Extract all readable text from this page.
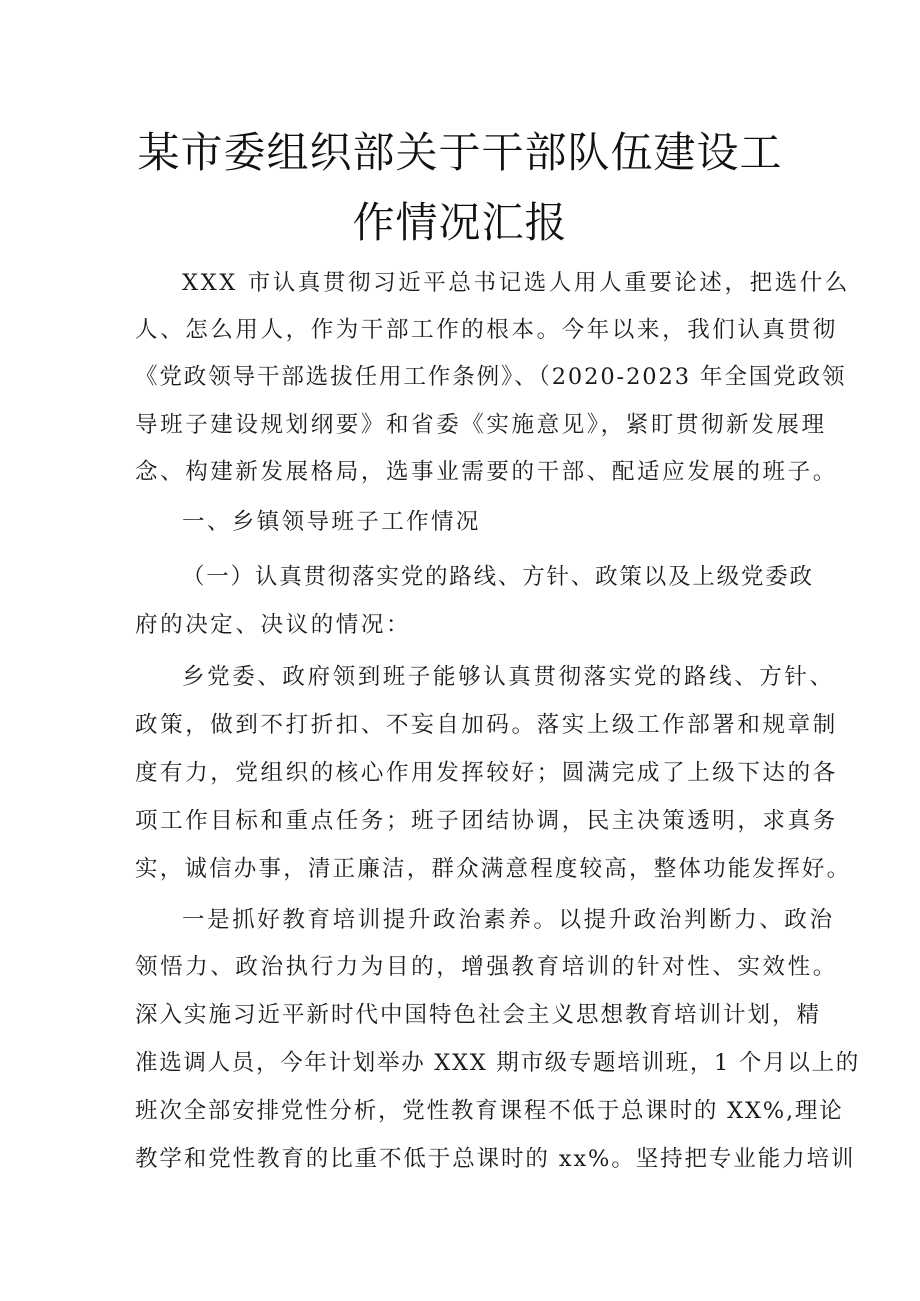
某市委组织部关于干部队伍建设工
作情况汇报
XXX 市认真贯彻习近平总书记选人用人重要论述，把选什么
人、怎么用人，作为干部工作的根本。今年以来，我们认真贯彻
《党政领导干部选拔任用工作条例》、（2020-2023 年全国党政领
导班子建设规划纲要》和省委《实施意见》，紧盯贯彻新发展理
念、构建新发展格局，选事业需要的干部、配适应发展的班子。
一、乡镇领导班子工作情况
（一）认真贯彻落实党的路线、方针、政策以及上级党委政
府的决定、决议的情况：
乡党委、政府领到班子能够认真贯彻落实党的路线、方针、
政策，做到不打折扣、不妄自加码。落实上级工作部署和规章制
度有力，党组织的核心作用发挥较好；圆满完成了上级下达的各
项工作目标和重点任务；班子团结协调，民主决策透明，求真务
实，诚信办事，清正廉洁，群众满意程度较高，整体功能发挥好。
一是抓好教育培训提升政治素养。以提升政治判断力、政治
领悟力、政治执行力为目的，增强教育培训的针对性、实效性。
深入实施习近平新时代中国特色社会主义思想教育培训计划，精
准选调人员，今年计划举办 XXX 期市级专题培训班，1 个月以上的
班次全部安排党性分析，党性教育课程不低于总课时的 XX%,理论
教学和党性教育的比重不低于总课时的 xx%。坚持把专业能力培训
